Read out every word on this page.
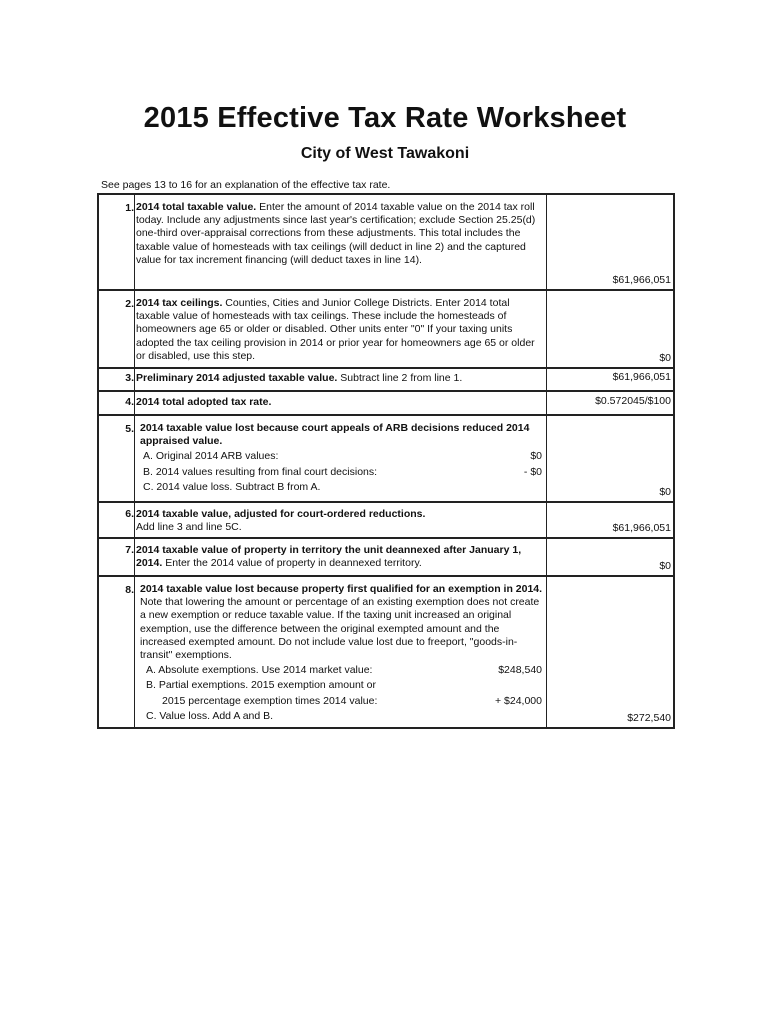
2015 Effective Tax Rate Worksheet
City of West Tawakoni
See pages 13 to 16 for an explanation of the effective tax rate.
1. 2014 total taxable value. Enter the amount of 2014 taxable value on the 2014 tax roll today. Include any adjustments since last year's certification; exclude Section 25.25(d) one-third over-appraisal corrections from these adjustments. This total includes the taxable value of homesteads with tax ceilings (will deduct in line 2) and the captured value for tax increment financing (will deduct taxes in line 14).
$61,966,051
2. 2014 tax ceilings. Counties, Cities and Junior College Districts. Enter 2014 total taxable value of homesteads with tax ceilings. These include the homesteads of homeowners age 65 or older or disabled. Other units enter "0" If your taxing units adopted the tax ceiling provision in 2014 or prior year for homeowners age 65 or older or disabled, use this step.	$0
3. Preliminary 2014 adjusted taxable value. Subtract line 2 from line 1.	$61,966,051
4. 2014 total adopted tax rate.	$0.572045/$100
5. 2014 taxable value lost because court appeals of ARB decisions reduced 2014 appraised value.
A. Original 2014 ARB values:	$0
B. 2014 values resulting from final court decisions:	- $0
C. 2014 value loss. Subtract B from A.	$0
6. 2014 taxable value, adjusted for court-ordered reductions.
Add line 3 and line 5C.	$61,966,051
7. 2014 taxable value of property in territory the unit deannexed after January 1, 2014. Enter the 2014 value of property in deannexed territory.	$0
8. 2014 taxable value lost because property first qualified for an exemption in 2014. Note that lowering the amount or percentage of an existing exemption does not create a new exemption or reduce taxable value. If the taxing unit increased an original exemption, use the difference between the original exempted amount and the increased exempted amount. Do not include value lost due to freeport, "goods-in-transit" exemptions.
A. Absolute exemptions. Use 2014 market value:	$248,540
B. Partial exemptions. 2015 exemption amount or
2015 percentage exemption times 2014 value:	+ $24,000
C. Value loss. Add A and B.	$272,540
